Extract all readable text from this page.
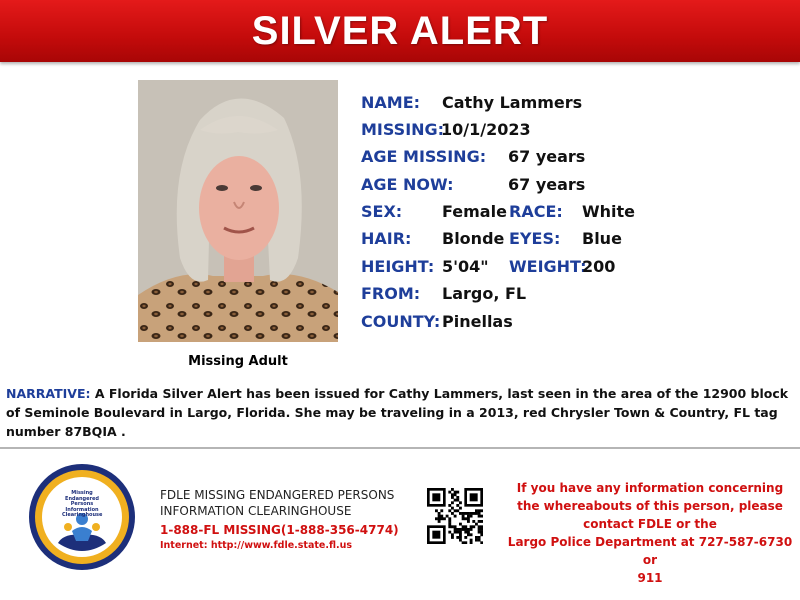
SILVER ALERT
Missing Adult
NAME: Cathy Lammers
MISSING:
10/1/2023
AGE MISSING: 67 years
AGE NOW:	67 years
SEX: Female RACE: White
HAIR: Blonde EYES: Blue
HEIGHT: 5'04" WEIGHT:
200
FROM: Largo, FL
COUNTY: Pinellas
NARRATIVE: A Florida Silver Alert has been issued for Cathy Lammers, last seen in the area of the 12900 block of Seminole Boulevard in Largo, Florida. She may be traveling in a 2013, red Chrysler Town & Country, FL tag number 87BQIA .
Missing Endangered Persons Information Clearinghouse
FDLE MISSING ENDANGERED PERSONS
INFORMATION CLEARINGHOUSE
1-888-FL MISSING(1-888-356-4774)
Internet: http://www.fdle.state.fl.us
If you have any information concerning
the whereabouts of this person, please
contact FDLE or the
Largo Police Department at 727-587-6730 or
911
